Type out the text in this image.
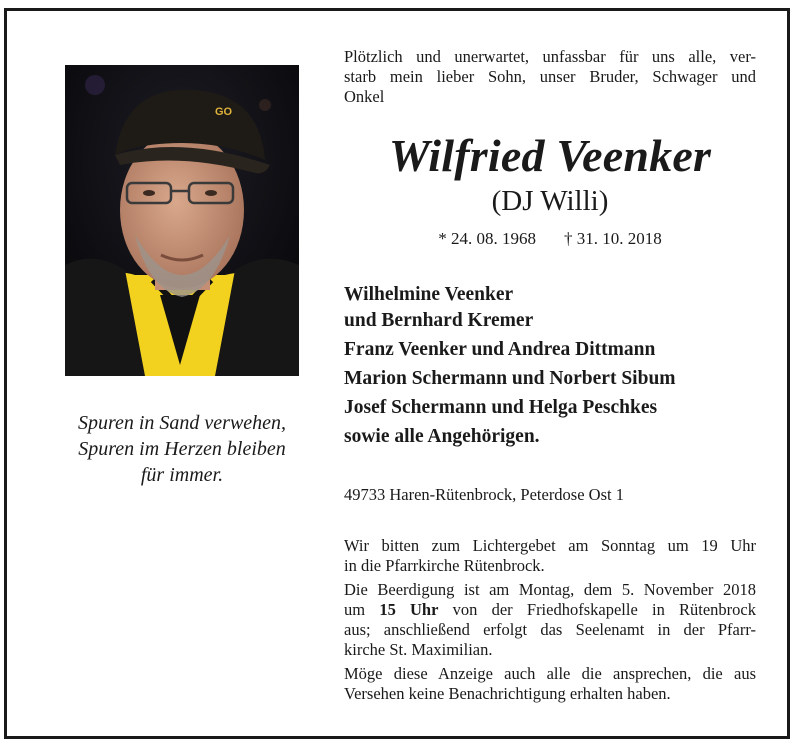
GO
Spuren in Sand verwehen,
Spuren im Herzen bleiben
für immer.
Plötzlich und unerwartet, unfassbar für uns alle, ver-
starb mein lieber Sohn, unser Bruder, Schwager und
Onkel
Wilfried Veenker
(DJ Willi)
* 24. 08. 1968 † 31. 10. 2018
Wilhelmine Veenker
und Bernhard Kremer
Franz Veenker und Andrea Dittmann
Marion Schermann und Norbert Sibum
Josef Schermann und Helga Peschkes
sowie alle Angehörigen.
49733 Haren-Rütenbrock, Peterdose Ost 1
Wir bitten zum Lichtergebet am Sonntag um 19 Uhr
in die Pfarrkirche Rütenbrock.
Die Beerdigung ist am Montag, dem 5. November 2018
um 15 Uhr von der Friedhofskapelle in Rütenbrock
aus; anschließend erfolgt das Seelenamt in der Pfarr-
kirche St. Maximilian.
Möge diese Anzeige auch alle die ansprechen, die aus
Versehen keine Benachrichtigung erhalten haben.
